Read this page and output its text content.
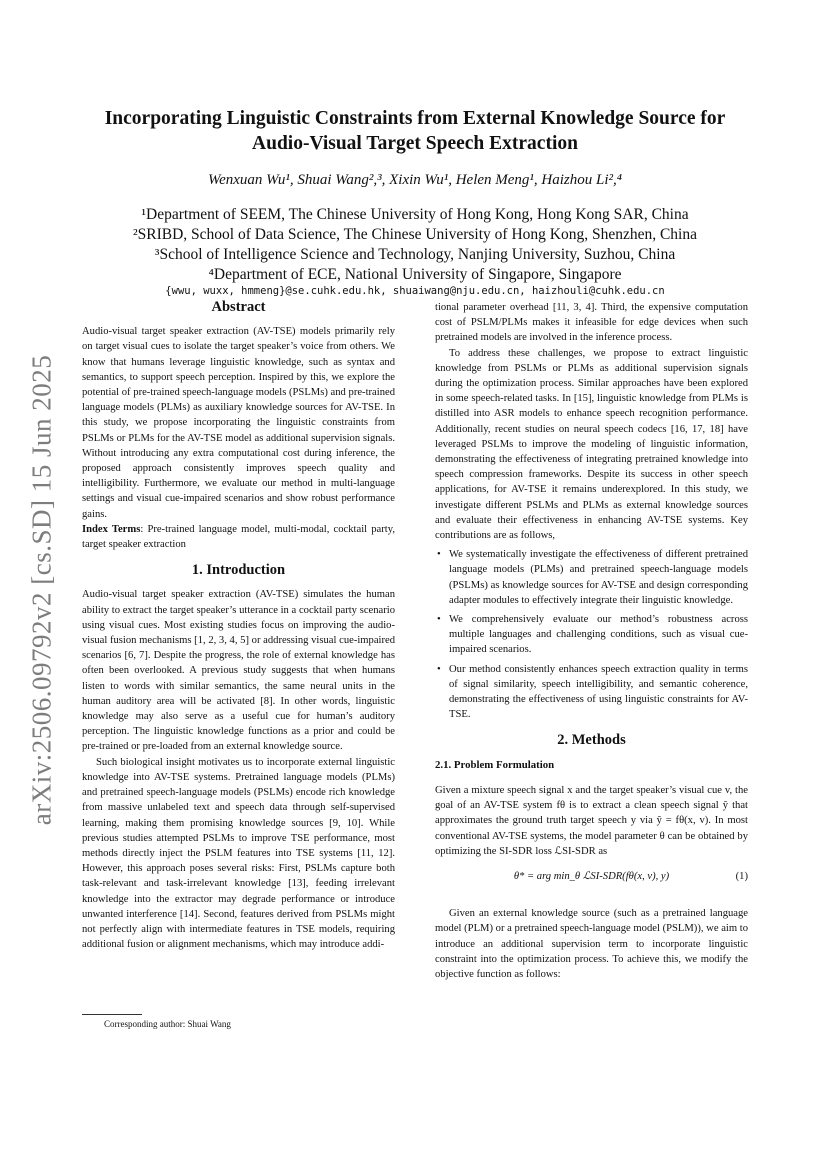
arXiv:2506.09792v2 [cs.SD] 15 Jun 2025
Incorporating Linguistic Constraints from External Knowledge Source for
Audio-Visual Target Speech Extraction
Wenxuan Wu¹, Shuai Wang²,³, Xixin Wu¹, Helen Meng¹, Haizhou Li²,⁴
¹Department of SEEM, The Chinese University of Hong Kong, Hong Kong SAR, China
²SRIBD, School of Data Science, The Chinese University of Hong Kong, Shenzhen, China
³School of Intelligence Science and Technology, Nanjing University, Suzhou, China
⁴Department of ECE, National University of Singapore, Singapore
{wwu, wuxx, hmmeng}@se.cuhk.edu.hk, shuaiwang@nju.edu.cn, haizhouli@cuhk.edu.cn
Abstract

Audio-visual target speaker extraction (AV-TSE) models primarily rely on target visual cues to isolate the target speaker’s voice from others. We know that humans leverage linguistic knowledge, such as syntax and semantics, to support speech perception. Inspired by this, we explore the potential of pre-trained speech-language models (PSLMs) and pre-trained language models (PLMs) as auxiliary knowledge sources for AV-TSE. In this study, we propose incorporating the linguistic constraints from PSLMs or PLMs for the AV-TSE model as additional supervision signals. Without introducing any extra computational cost during inference, the proposed approach consistently improves speech quality and intelligibility. Furthermore, we evaluate our method in multi-language settings and visual cue-impaired scenarios and show robust performance gains.

Index Terms: Pre-trained language model, multi-modal, cocktail party, target speaker extraction

1. Introduction

Audio-visual target speaker extraction (AV-TSE) simulates the human ability to extract the target speaker’s utterance in a cocktail party scenario using visual cues. Most existing studies focus on improving the audio-visual fusion mechanisms [1, 2, 3, 4, 5] or addressing visual cue-impaired scenarios [6, 7]. Despite the progress, the role of external knowledge has often been overlooked. A previous study suggests that when humans listen to words with similar semantics, the same neural units in the human auditory area will be activated [8]. In other words, linguistic knowledge may also serve as a useful cue for human’s auditory perception. The linguistic knowledge functions as a prior and could be pre-trained or pre-loaded from an external knowledge source.

Such biological insight motivates us to incorporate external linguistic knowledge into AV-TSE systems. Pretrained language models (PLMs) and pretrained speech-language models (PSLMs) encode rich knowledge from massive unlabeled text and speech data through self-supervised learning, making them promising knowledge sources [9, 10]. While previous studies attempted PSLMs to improve TSE performance, most methods directly inject the PSLM features into TSE systems [11, 12]. However, this approach poses several risks: First, PSLMs capture both task-relevant and task-irrelevant knowledge [13], feeding irrelevant knowledge into the extractor may degrade performance or introduce unwanted interference [14]. Second, features derived from PSLMs might not perfectly align with intermediate features in TSE models, requiring additional fusion or alignment mechanisms, which may introduce addi-

Corresponding author: Shuai Wang

tional parameter overhead [11, 3, 4]. Third, the expensive computation cost of PSLM/PLMs makes it infeasible for edge devices when such pretrained models are involved in the inference process.

To address these challenges, we propose to extract linguistic knowledge from PSLMs or PLMs as additional supervision signals during the optimization process. Similar approaches have been explored in some speech-related tasks. In [15], linguistic knowledge from PLMs is distilled into ASR models to enhance speech recognition performance. Additionally, recent studies on neural speech codecs [16, 17, 18] have leveraged PSLMs to improve the modeling of linguistic information, demonstrating the effectiveness of integrating pretrained knowledge into speech compression frameworks. Despite its success in other speech applications, for AV-TSE it remains underexplored. In this study, we investigate different PSLMs and PLMs as external knowledge sources and evaluate their effectiveness in enhancing AV-TSE systems. Key contributions are as follows,

• We systematically investigate the effectiveness of different pretrained language models (PLMs) and pretrained speech-language models (PSLMs) as knowledge sources for AV-TSE and design corresponding adapter modules to effectively integrate their linguistic knowledge.
• We comprehensively evaluate our method’s robustness across multiple languages and challenging conditions, such as visual cue-impaired scenarios.
• Our method consistently enhances speech extraction quality in terms of signal similarity, speech intelligibility, and semantic coherence, demonstrating the effectiveness of using linguistic constraints for AV-TSE.
2. Methods
2.1. Problem Formulation

Given a mixture speech signal x and the target speaker’s visual cue v, the goal of an AV-TSE system fθ is to extract a clean speech signal ŷ that approximates the ground truth target speech y via ŷ = fθ(x, v). In most conventional AV-TSE systems, the model parameter θ can be obtained by optimizing the SI-SDR loss ℒSI-SDR as

θ* = arg min_θ ℒSI-SDR(fθ(x, v), y)	(1)

Given an external knowledge source (such as a pretrained language model (PLM) or a pretrained speech-language model (PSLM)), we aim to introduce an additional supervision term to incorporate linguistic constraint into the optimization process. To achieve this, we modify the objective function as follows:
